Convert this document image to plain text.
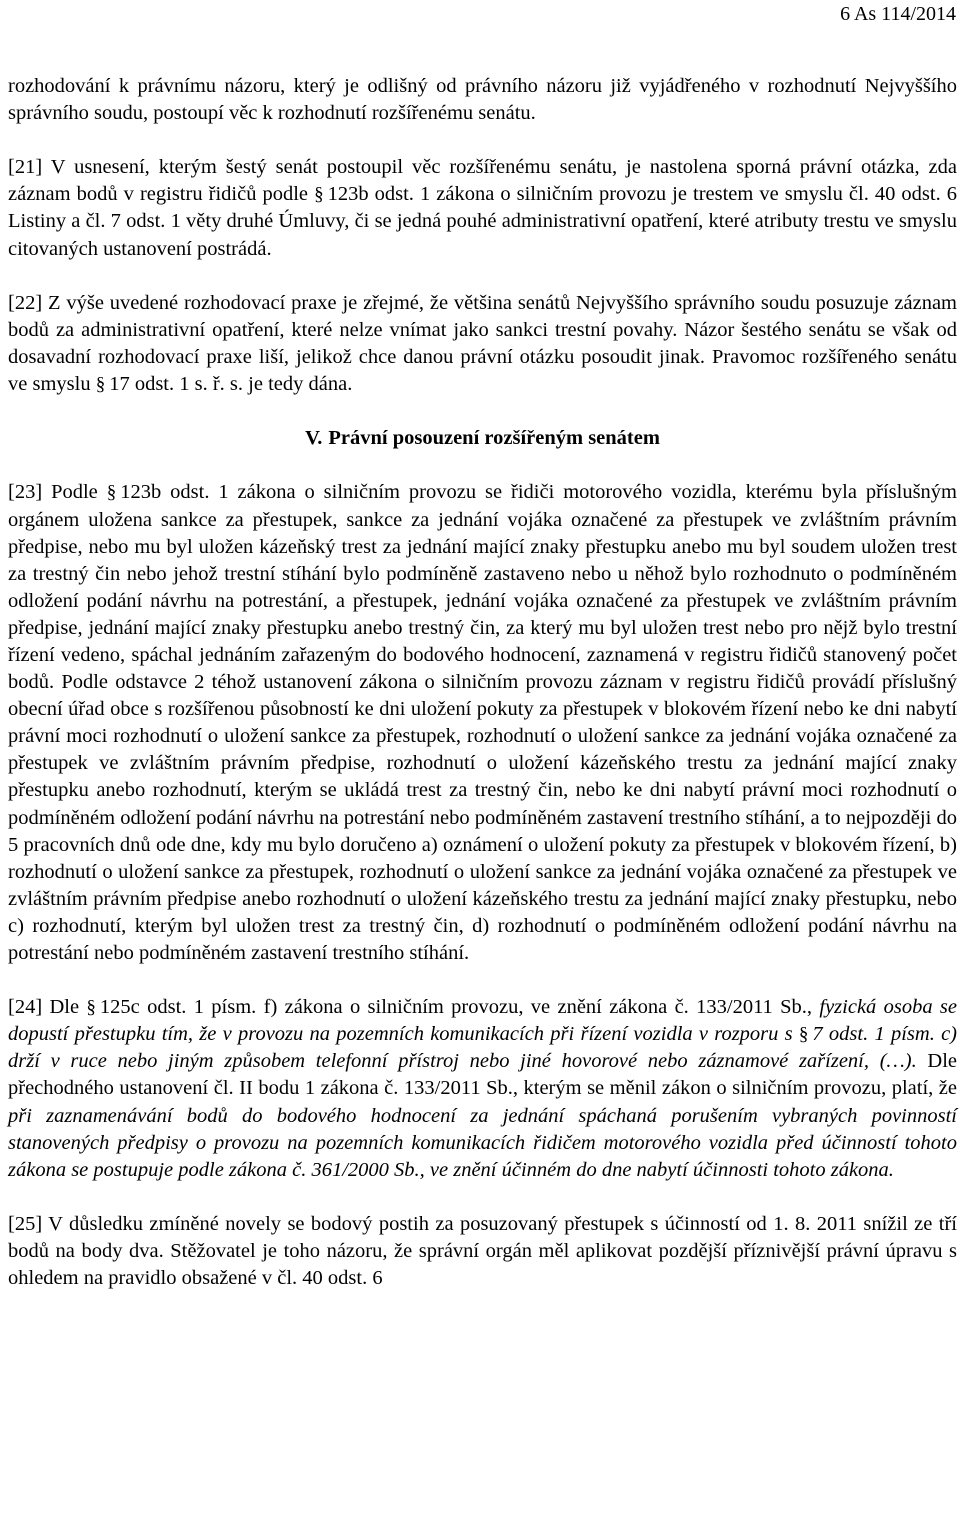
6 As 114/2014

rozhodování k právnímu názoru, který je odlišný od právního názoru již vyjádřeného v rozhodnutí Nejvyššího správního soudu, postoupí věc k rozhodnutí rozšířenému senátu.

[21] V usnesení, kterým šestý senát postoupil věc rozšířenému senátu, je nastolena sporná právní otázka, zda záznam bodů v registru řidičů podle § 123b odst. 1 zákona o silničním provozu je trestem ve smyslu čl. 40 odst. 6 Listiny a čl. 7 odst. 1 věty druhé Úmluvy, či se jedná pouhé administrativní opatření, které atributy trestu ve smyslu citovaných ustanovení postrádá.

[22] Z výše uvedené rozhodovací praxe je zřejmé, že většina senátů Nejvyššího správního soudu posuzuje záznam bodů za administrativní opatření, které nelze vnímat jako sankci trestní povahy. Názor šestého senátu se však od dosavadní rozhodovací praxe liší, jelikož chce danou právní otázku posoudit jinak. Pravomoc rozšířeného senátu ve smyslu § 17 odst. 1 s. ř. s. je tedy dána.

V. Právní posouzení rozšířeným senátem

[23] Podle § 123b odst. 1 zákona o silničním provozu se řidiči motorového vozidla, kterému byla příslušným orgánem uložena sankce za přestupek, sankce za jednání vojáka označené za přestupek ve zvláštním právním předpise, nebo mu byl uložen kázeňský trest za jednání mající znaky přestupku anebo mu byl soudem uložen trest za trestný čin nebo jehož trestní stíhání bylo podmíněně zastaveno nebo u něhož bylo rozhodnuto o podmíněném odložení podání návrhu na potrestání, a přestupek, jednání vojáka označené za přestupek ve zvláštním právním předpise, jednání mající znaky přestupku anebo trestný čin, za který mu byl uložen trest nebo pro nějž bylo trestní řízení vedeno, spáchal jednáním zařazeným do bodového hodnocení, zaznamená v registru řidičů stanovený počet bodů. Podle odstavce 2 téhož ustanovení zákona o silničním provozu záznam v registru řidičů provádí příslušný obecní úřad obce s rozšířenou působností ke dni uložení pokuty za přestupek v blokovém řízení nebo ke dni nabytí právní moci rozhodnutí o uložení sankce za přestupek, rozhodnutí o uložení sankce za jednání vojáka označené za přestupek ve zvláštním právním předpise, rozhodnutí o uložení kázeňského trestu za jednání mající znaky přestupku anebo rozhodnutí, kterým se ukládá trest za trestný čin, nebo ke dni nabytí právní moci rozhodnutí o podmíněném odložení podání návrhu na potrestání nebo podmíněném zastavení trestního stíhání, a to nejpozději do 5 pracovních dnů ode dne, kdy mu bylo doručeno a) oznámení o uložení pokuty za přestupek v blokovém řízení, b) rozhodnutí o uložení sankce za přestupek, rozhodnutí o uložení sankce za jednání vojáka označené za přestupek ve zvláštním právním předpise anebo rozhodnutí o uložení kázeňského trestu za jednání mající znaky přestupku, nebo c) rozhodnutí, kterým byl uložen trest za trestný čin, d) rozhodnutí o podmíněném odložení podání návrhu na potrestání nebo podmíněném zastavení trestního stíhání.

[24] Dle § 125c odst. 1 písm. f) zákona o silničním provozu, ve znění zákona č. 133/2011 Sb., fyzická osoba se dopustí přestupku tím, že v provozu na pozemních komunikacích při řízení vozidla v rozporu s § 7 odst. 1 písm. c) drží v ruce nebo jiným způsobem telefonní přístroj nebo jiné hovorové nebo záznamové zařízení, (…). Dle přechodného ustanovení čl. II bodu 1 zákona č. 133/2011 Sb., kterým se měnil zákon o silničním provozu, platí, že při zaznamenávání bodů do bodového hodnocení za jednání spáchaná porušením vybraných povinností stanovených předpisy o provozu na pozemních komunikacích řidičem motorového vozidla před účinností tohoto zákona se postupuje podle zákona č. 361/2000 Sb., ve znění účinném do dne nabytí účinnosti tohoto zákona.

[25] V důsledku zmíněné novely se bodový postih za posuzovaný přestupek s účinností od 1. 8. 2011 snížil ze tří bodů na body dva. Stěžovatel je toho názoru, že správní orgán měl aplikovat pozdější příznivější právní úpravu s ohledem na pravidlo obsažené v čl. 40 odst. 6
